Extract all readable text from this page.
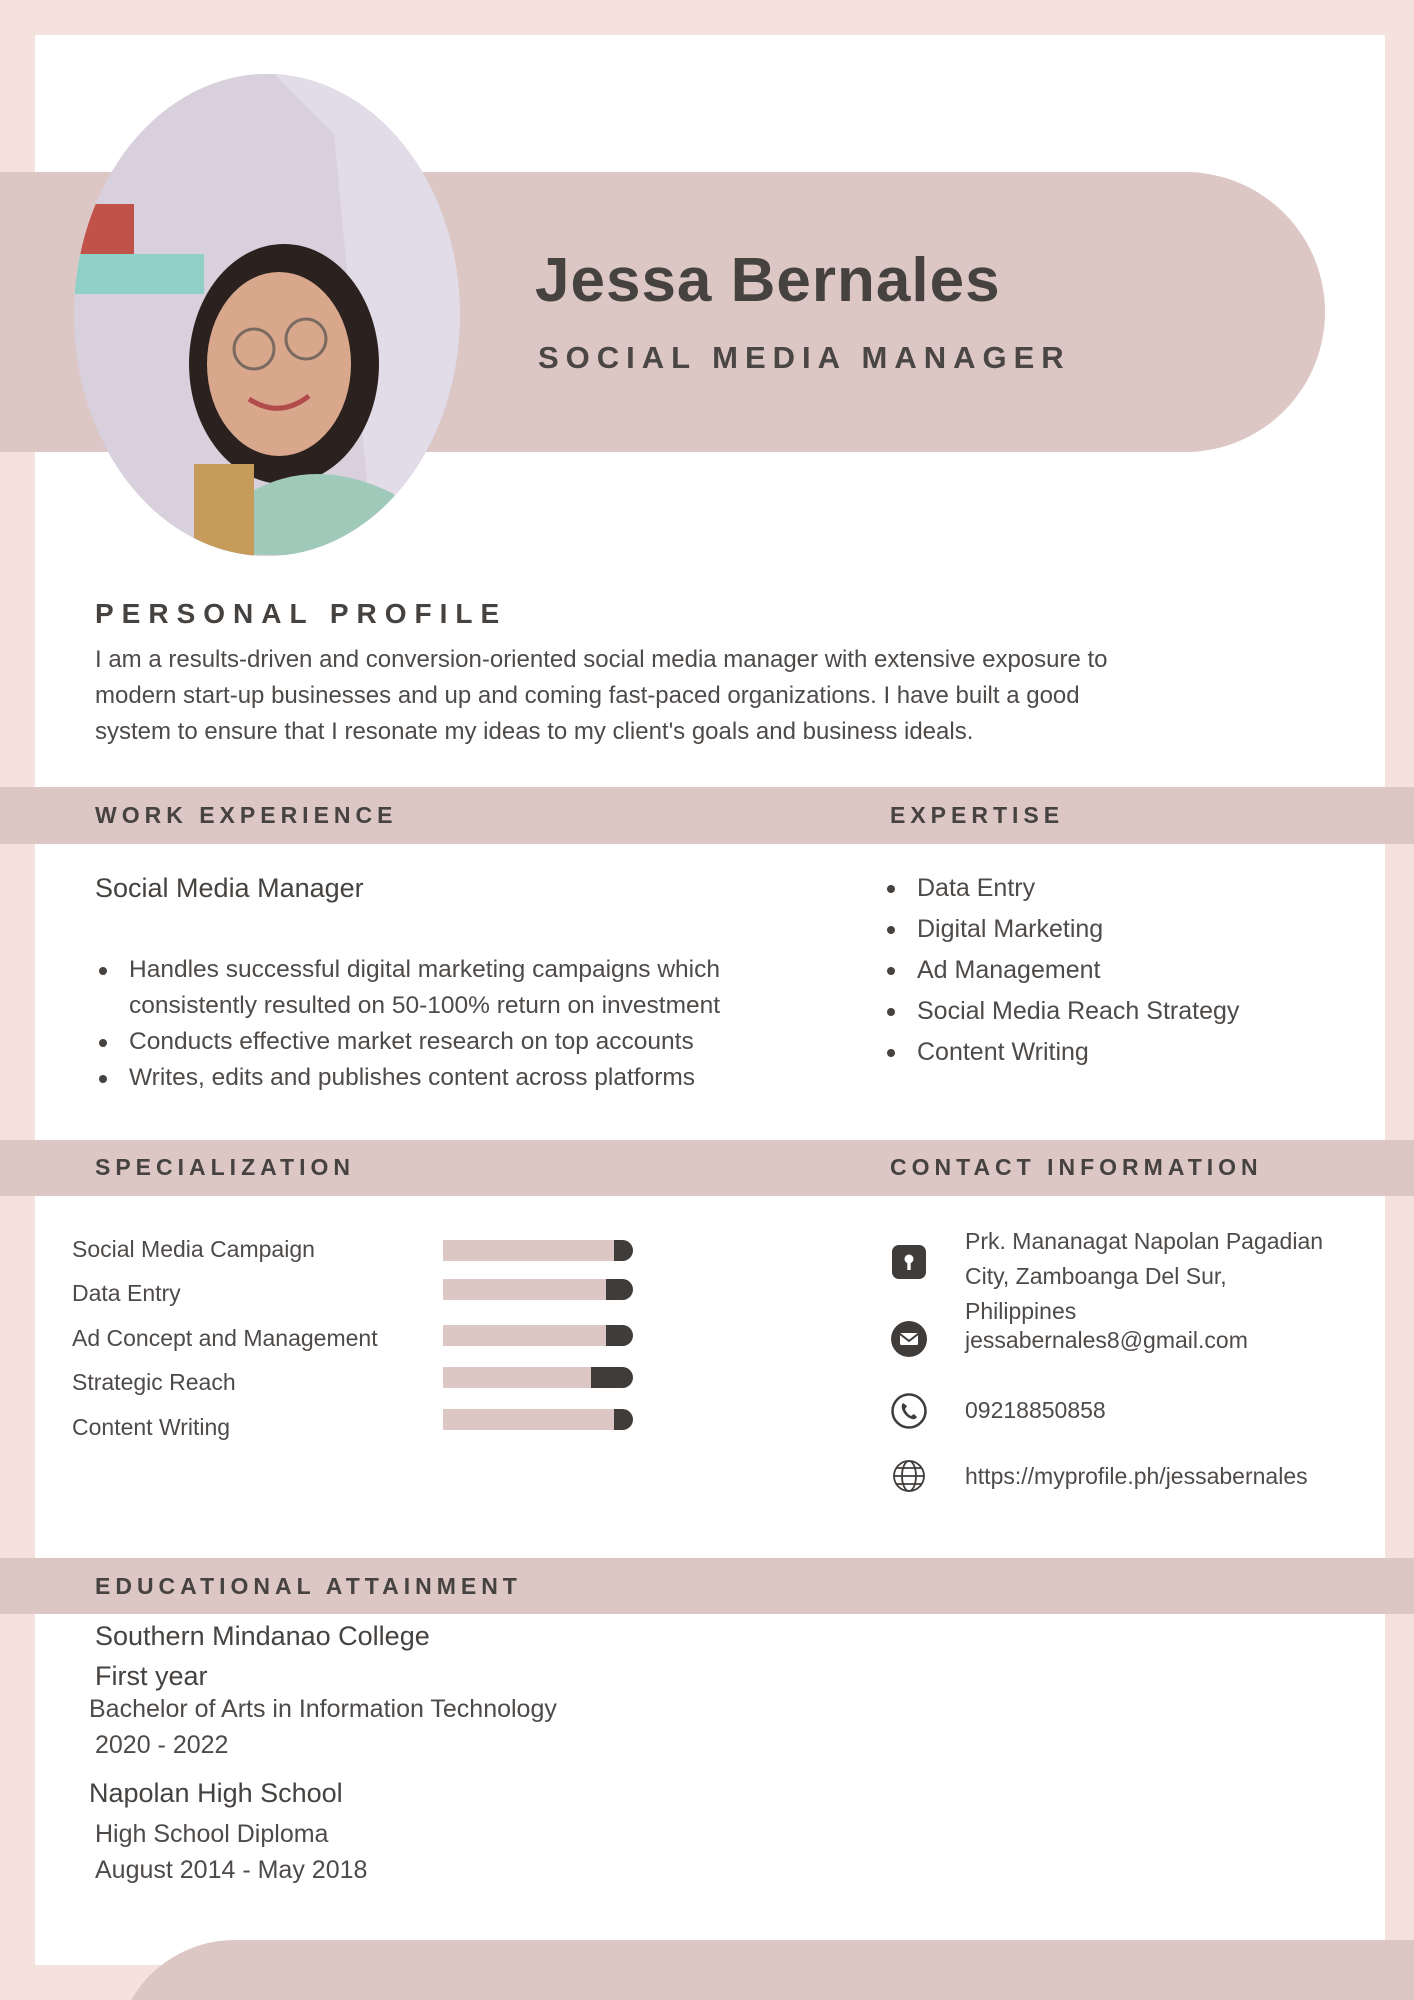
Jessa Bernales
SOCIAL MEDIA MANAGER
PERSONAL PROFILE
I am a results-driven and conversion-oriented social media manager with extensive exposure to
modern start-up businesses and up and coming fast-paced organizations. I have built a good
system to ensure that I resonate my ideas to my client's goals and business ideals.
WORK EXPERIENCE	EXPERTISE
Social Media Manager
Handles successful digital marketing campaigns which
consistently resulted on 50-100% return on investment
Conducts effective market research on top accounts
Writes, edits and publishes content across platforms
Data Entry
Digital Marketing
Ad Management
Social Media Reach Strategy
Content Writing
SPECIALIZATION	CONTACT INFORMATION
Social Media Campaign
Data Entry
Ad Concept and Management
Strategic Reach
Content Writing
Prk. Mananagat Napolan Pagadian
City, Zamboanga Del Sur,
Philippines
jessabernales8@gmail.com
09218850858
https://myprofile.ph/jessabernales
EDUCATIONAL ATTAINMENT
Southern Mindanao College
First year
Bachelor of Arts in Information Technology
2020 - 2022
Napolan High School
High School Diploma
August 2014 - May 2018
